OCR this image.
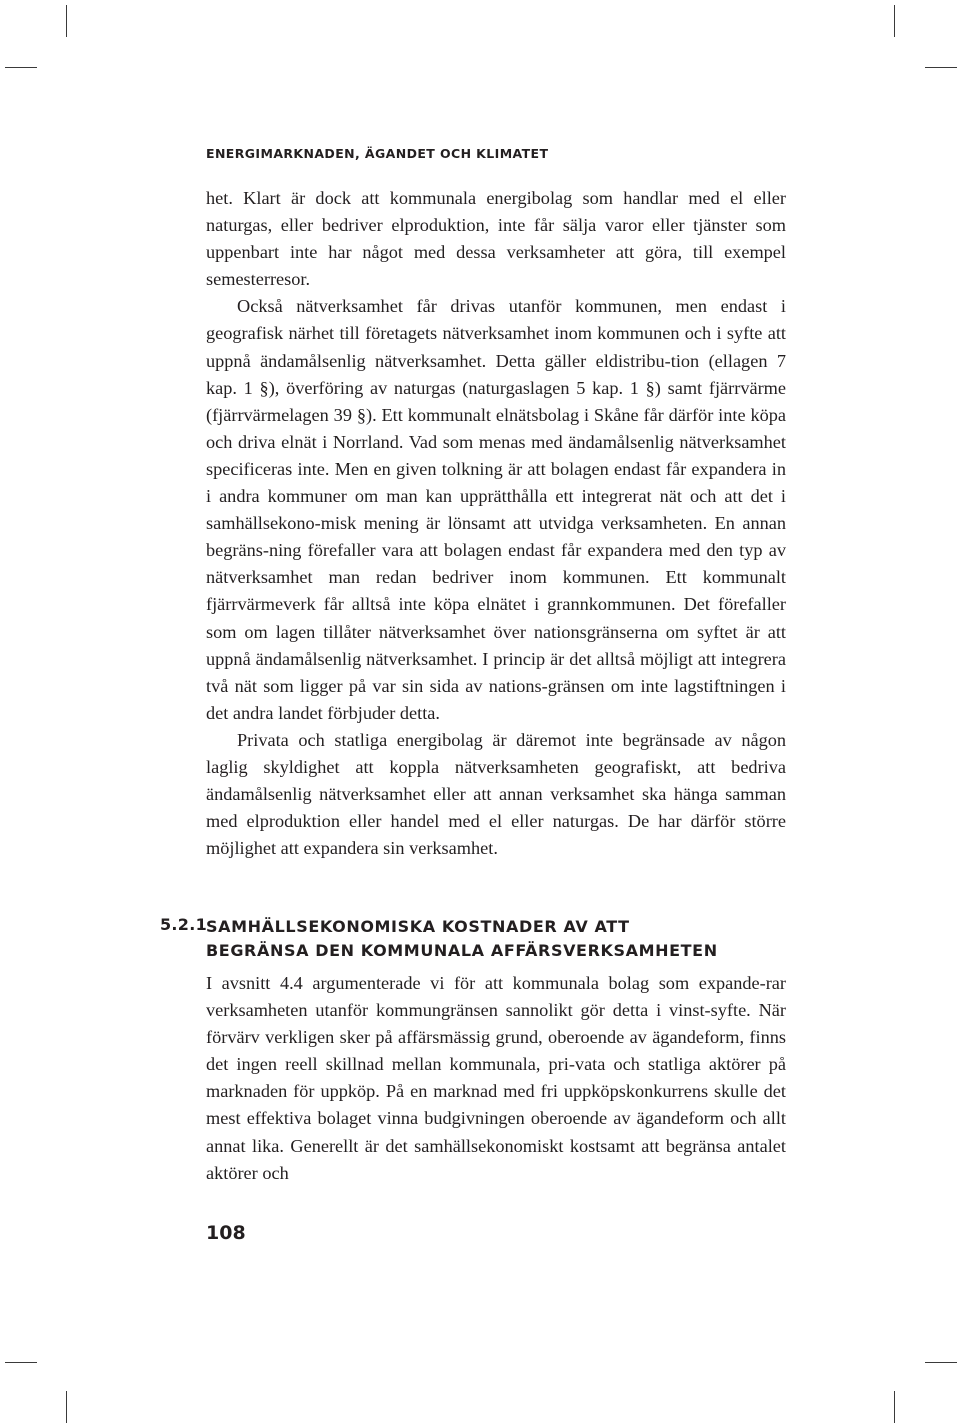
ENERGIMARKNADEN, ÄGANDET OCH KLIMATET

het. Klart är dock att kommunala energibolag som handlar med el eller naturgas, eller bedriver elproduktion, inte får sälja varor eller tjänster som uppenbart inte har något med dessa verksamheter att göra, till exempel semesterresor.

Också nätverksamhet får drivas utanför kommunen, men endast i geografisk närhet till företagets nätverksamhet inom kommunen och i syfte att uppnå ändamålsenlig nätverksamhet. Detta gäller eldistribu-tion (ellagen 7 kap. 1 §), överföring av naturgas (naturgaslagen 5 kap. 1 §) samt fjärrvärme (fjärrvärmelagen 39 §). Ett kommunalt elnätsbolag i Skåne får därför inte köpa och driva elnät i Norrland. Vad som menas med ändamålsenlig nätverksamhet specificeras inte. Men en given tolkning är att bolagen endast får expandera in i andra kommuner om man kan upprätthålla ett integrerat nät och att det i samhällsekono-misk mening är lönsamt att utvidga verksamheten. En annan begräns-ning förefaller vara att bolagen endast får expandera med den typ av nätverksamhet man redan bedriver inom kommunen. Ett kommunalt fjärrvärmeverk får alltså inte köpa elnätet i grannkommunen. Det förefaller som om lagen tillåter nätverksamhet över nationsgränserna om syftet är att uppnå ändamålsenlig nätverksamhet. I princip är det alltså möjligt att integrera två nät som ligger på var sin sida av nations-gränsen om inte lagstiftningen i det andra landet förbjuder detta.

Privata och statliga energibolag är däremot inte begränsade av någon laglig skyldighet att koppla nätverksamheten geografiskt, att bedriva ändamålsenlig nätverksamhet eller att annan verksamhet ska hänga samman med elproduktion eller handel med el eller naturgas. De har därför större möjlighet att expandera sin verksamhet.

5.2.1
SAMHÄLLSEKONOMISKA KOSTNADER AV ATT
BEGRÄNSA DEN KOMMUNALA AFFÄRSVERKSAMHETEN

I avsnitt 4.4 argumenterade vi för att kommunala bolag som expande-rar verksamheten utanför kommungränsen sannolikt gör detta i vinst-syfte. När förvärv verkligen sker på affärsmässig grund, oberoende av ägandeform, finns det ingen reell skillnad mellan kommunala, pri-vata och statliga aktörer på marknaden för uppköp. På en marknad med fri uppköpskonkurrens skulle det mest effektiva bolaget vinna budgivningen oberoende av ägandeform och allt annat lika. Generellt är det samhällsekonomiskt kostsamt att begränsa antalet aktörer och

108
